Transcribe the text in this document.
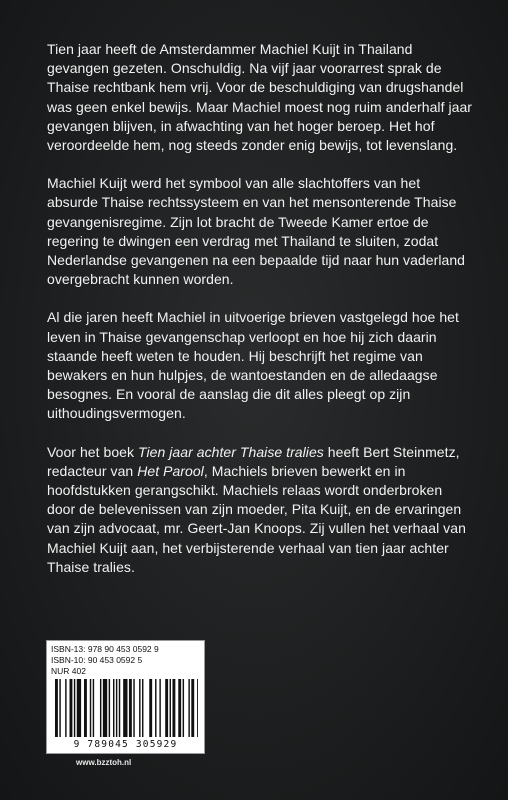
Tien jaar heeft de Amsterdammer Machiel Kuijt in Thailand gevangen gezeten. Onschuldig. Na vijf jaar voorarrest sprak de Thaise rechtbank hem vrij. Voor de beschuldiging van drugshandel was geen enkel bewijs. Maar Machiel moest nog ruim anderhalf jaar gevangen blijven, in afwachting van het hoger beroep. Het hof veroordeelde hem, nog steeds zonder enig bewijs, tot levenslang.

Machiel Kuijt werd het symbool van alle slachtoffers van het absurde Thaise rechtssysteem en van het mensonterende Thaise gevangenisregime. Zijn lot bracht de Tweede Kamer ertoe de regering te dwingen een verdrag met Thailand te sluiten, zodat Nederlandse gevangenen na een bepaalde tijd naar hun vaderland overgebracht kunnen worden.

Al die jaren heeft Machiel in uitvoerige brieven vastgelegd hoe het leven in Thaise gevangenschap verloopt en hoe hij zich daarin staande heeft weten te houden. Hij beschrijft het regime van bewakers en hun hulpjes, de wantoestanden en de alledaagse besognes. En vooral de aanslag die dit alles pleegt op zijn uithoudingsvermogen.

Voor het boek Tien jaar achter Thaise tralies heeft Bert Steinmetz, redacteur van Het Parool, Machiels brieven bewerkt en in hoofdstukken gerangschikt. Machiels relaas wordt onderbroken door de belevenissen van zijn moeder, Pita Kuijt, en de ervaringen van zijn advocaat, mr. Geert-Jan Knoops. Zij vullen het verhaal van Machiel Kuijt aan, het verbijsterende verhaal van tien jaar achter Thaise tralies.

ISBN-13: 978 90 453 0592 9
ISBN-10: 90 453 0592 5
NUR 402
9 789045 305929
www.bzztoh.nl
